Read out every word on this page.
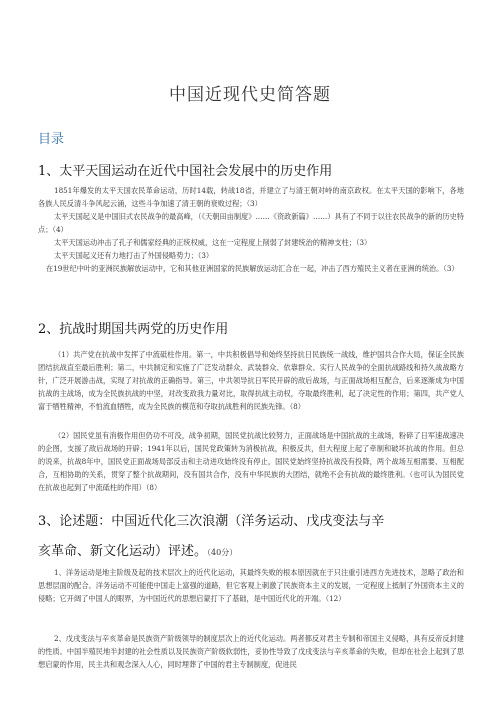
中国近现代史简答题
目录
1、太平天国运动在近代中国社会发展中的历史作用
1851年爆发的太平天国农民革命运动，历时14载，转战18省，并建立了与清王朝对峙的南京政权。在太平天国的影响下，各地各族人民反清斗争风起云涌，这些斗争加速了清王朝的衰败过程；（3）
太平天国起义是中国旧式农民战争的最高峰，（《天朝田亩制度》……《资政新篇》……）具有了不同于以往农民战争的新的历史特点；（4）
太平天国运动冲击了孔子和儒家经典的正统权威，这在一定程度上削弱了封建统治的精神支柱；（3）
太平天国起义还有力地打击了外国侵略势力；（3）
在19世纪中叶的亚洲民族解放运动中，它和其他亚洲国家的民族解放运动汇合在一起，冲击了西方殖民主义者在亚洲的统治。（3）
2、抗战时期国共两党的历史作用
（1）共产党在抗战中发挥了中流砥柱作用。第一，中共积极倡导和始终坚持抗日民族统一战线，维护国共合作大局，保证全民族团结抗战直至最后胜利；第二，中共制定和实施了广泛发动群众、武装群众、依靠群众、实行人民战争的全面抗战路线和持久战战略方针，广泛开展游击战，实现了对抗战的正确指导。第三，中共领导抗日军民开辟的敌后战场，与正面战场相互配合，后来逐渐成为中国抗战的主战场，成为全民族抗战的中坚，对改变敌我力量对比，取得抗战主动权，夺取最终胜利，起了决定性的作用；第四，共产党人富于牺牲精神，不怕流血牺牲，成为全民族的模范和夺取抗战胜利的民族先锋。（8）
（2）国民党虽有消极作用但仍功不可没，战争初期，国民党抗战比较努力，正面战场是中国抗战的主战场，粉碎了日军速战速决的企图，支援了敌后战场的开辟；1941年以后，国民党政策转为消极抗战，积极反共，但大程度上起了牵制和破坏抗战的作用。但总的说来，抗战8年中，国民党正面战场局部反击和主动进攻始终没有停止，国民党始终坚持抗战没有投降，两个战场互相需要、互相配合，互相协助的关系，贯穿了整个抗战期间，没有国共合作，没有中华民族的大团结，就绝不会有抗战的最终胜利。（也可认为国民党在抗战也起到了中流砥柱的作用）（8）
3、论述题：中国近代化三次浪潮（洋务运动、戊戌变法与辛
亥革命、新文化运动）评述。（40分）
1、洋务运动是地主阶级及起的技术层次上的近代化运动，其最终失败的根本原因就在于只注重引进西方先进技术，忽略了政治和思想层面的配合。洋务运动不可能使中国走上富强的道路，但它客观上刺激了民族资本主义的发展，一定程度上抵制了外国资本主义的侵略；它开阔了中国人的眼界，为中国近代的思想启蒙打下了基础，是中国近代化的开端。（12）
2、戊戌变法与辛亥革命是民族资产阶级领导的制度层次上的近代化运动。两者都反对君主专制和帝国主义侵略，具有反帝反封建的性质。中国半殖民地半封建的社会性质以及民族资产阶级软弱性，妥协性导致了戊戌变法与辛亥革命的失败，但却在社会上起到了思想启蒙的作用，民主共和观念深入人心，同时埋葬了中国的君主专制制度，促进民
